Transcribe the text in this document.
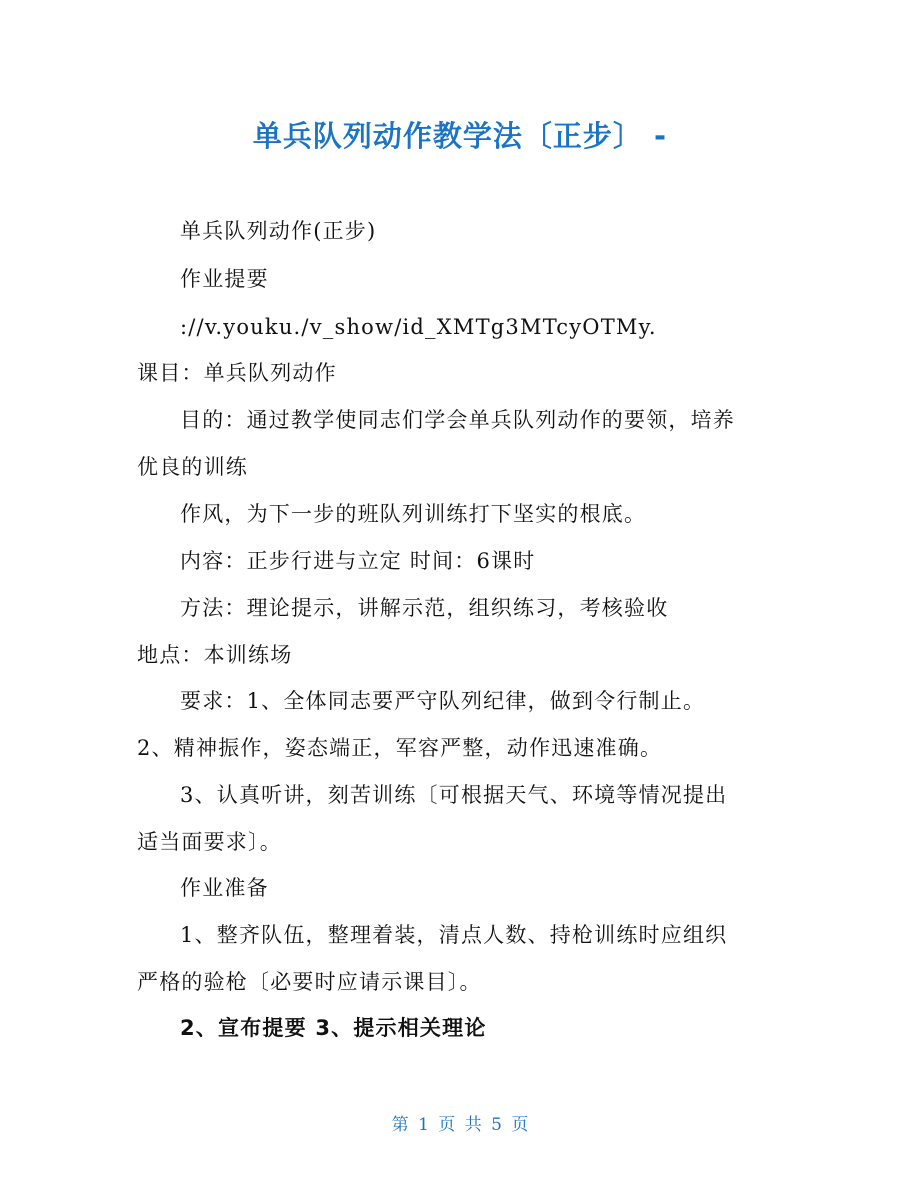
单兵队列动作教学法〔正步〕 -
单兵队列动作(正步)
作业提要
://v.youku./v_show/id_XMTg3MTcyOTMy.
课目：单兵队列动作
目的：通过教学使同志们学会单兵队列动作的要领，培养
优良的训练
作风，为下一步的班队列训练打下坚实的根底。
内容：正步行进与立定 时间：6课时
方法：理论提示，讲解示范，组织练习，考核验收
地点：本训练场
要求：1、全体同志要严守队列纪律，做到令行制止。
2、精神振作，姿态端正，军容严整，动作迅速准确。
3、认真听讲，刻苦训练〔可根据天气、环境等情况提出
适当面要求〕。
作业准备
1、整齐队伍，整理着装，清点人数、持枪训练时应组织
严格的验枪〔必要时应请示课目〕。
2、宣布提要 3、提示相关理论
第 1 页 共 5 页
